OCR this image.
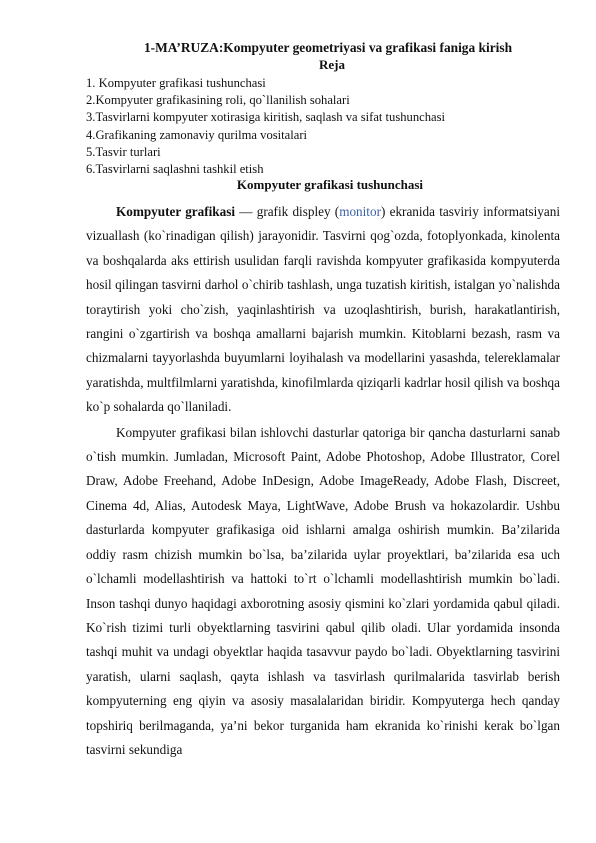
1-MA’RUZA:Kompyuter geometriyasi va grafikasi faniga kirish
Reja
1. Kompyuter grafikasi tushunchasi
2.Kompyuter grafikasining roli, qo`llanilish sohalari
3.Tasvirlarni kompyuter xotirasiga kiritish, saqlash va sifat tushunchasi
4.Grafikaning zamonaviy qurilma vositalari
5.Tasvir turlari
6.Tasvirlarni saqlashni tashkil etish
Kompyuter grafikasi tushunchasi

Kompyuter grafikasi — grafik displey (monitor) ekranida tasviriy informatsiyani vizuallash (ko`rinadigan qilish) jarayonidir. Tasvirni qog`ozda, fotoplyonkada, kinolenta va boshqalarda aks ettirish usulidan farqli ravishda kompyuter grafikasida kompyuterda hosil qilingan tasvirni darhol o`chirib tashlash, unga tuzatish kiritish, istalgan yo`nalishda toraytirish yoki cho`zish, yaqinlashtirish va uzoqlashtirish, burish, harakatlantirish, rangini o`zgartirish va boshqa amallarni bajarish mumkin. Kitoblarni bezash, rasm va chizmalarni tayyorlashda buyumlarni loyihalash va modellarini yasashda, telereklamalar yaratishda, multfilmlarni yaratishda, kinofilmlarda qiziqarli kadrlar hosil qilish va boshqa ko`p sohalarda qo`llaniladi.

Kompyuter grafikasi bilan ishlovchi dasturlar qatoriga bir qancha dasturlarni sanab o`tish mumkin. Jumladan, Microsoft Paint, Adobe Photoshop, Adobe Illustrator, Corel Draw, Adobe Freehand, Adobe InDesign, Adobe ImageReady, Adobe Flash, Discreet, Cinema 4d, Alias, Autodesk Maya, LightWave, Adobe Brush va hokazolardir. Ushbu dasturlarda kompyuter grafikasiga oid ishlarni amalga oshirish mumkin. Ba’zilarida oddiy rasm chizish mumkin bo`lsa, ba’zilarida uylar proyektlari, ba’zilarida esa uch o`lchamli modellashtirish va hattoki to`rt o`lchamli modellashtirish mumkin bo`ladi. Inson tashqi dunyo haqidagi axborotning asosiy qismini ko`zlari yordamida qabul qiladi. Ko`rish tizimi turli obyektlarning tasvirini qabul qilib oladi. Ular yordamida insonda tashqi muhit va undagi obyektlar haqida tasavvur paydo bo`ladi. Obyektlarning tasvirini yaratish, ularni saqlash, qayta ishlash va tasvirlash qurilmalarida tasvirlab berish kompyuterning eng qiyin va asosiy masalalaridan biridir. Kompyuterga hech qanday topshiriq berilmaganda, ya’ni bekor turganida ham ekranida ko`rinishi kerak bo`lgan tasvirni sekundiga
